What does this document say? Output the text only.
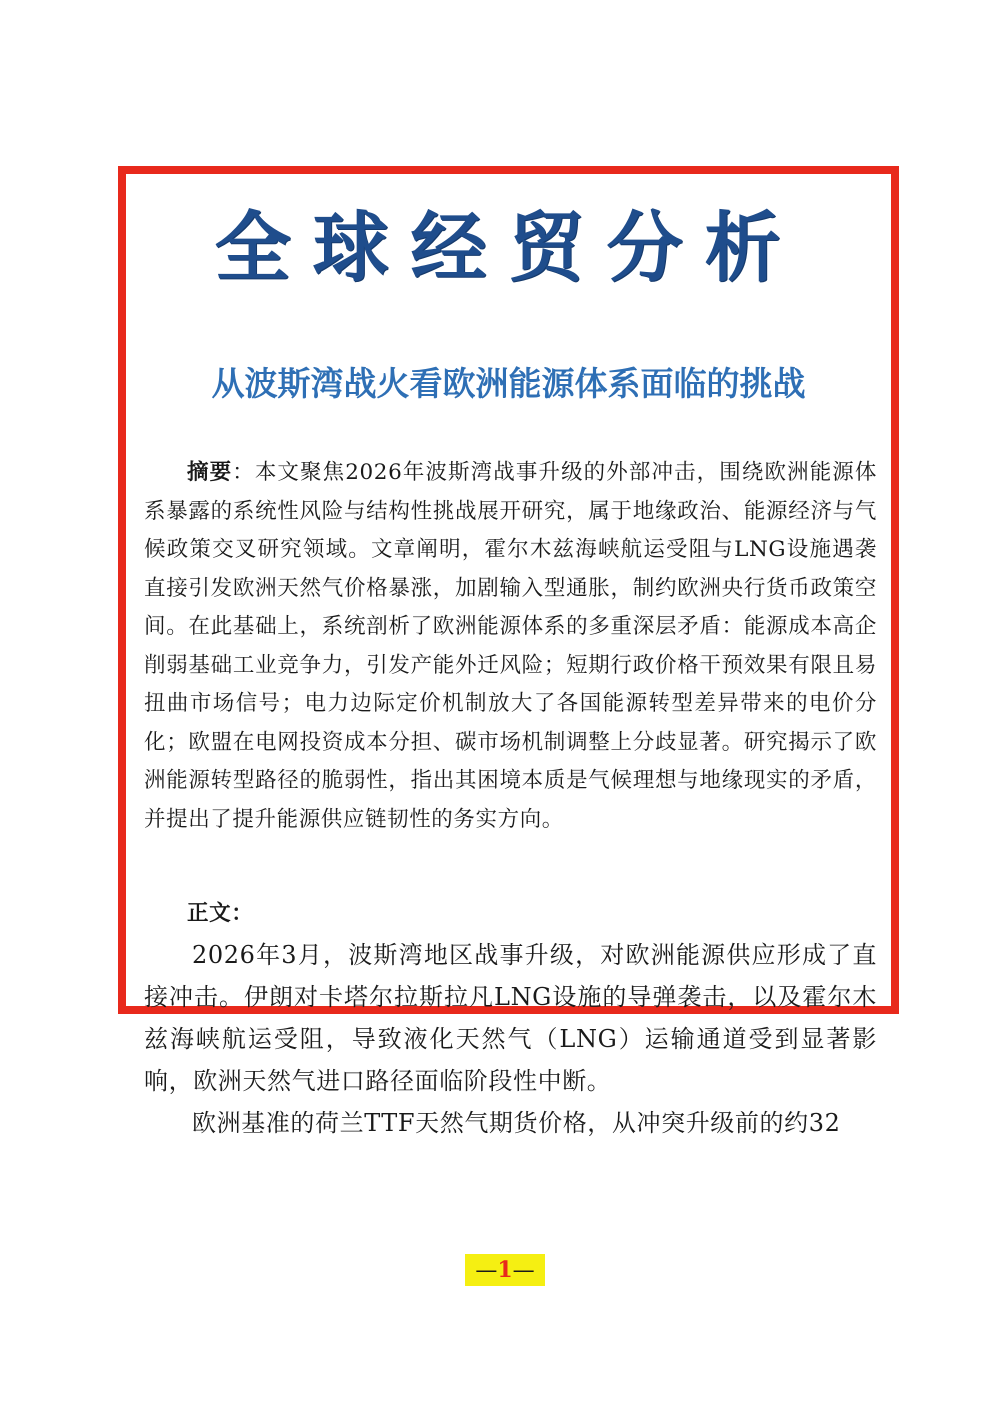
全球经贸分析
从波斯湾战火看欧洲能源体系面临的挑战

摘要：本文聚焦2026年波斯湾战事升级的外部冲击，围绕欧洲能源体系暴露的系统性风险与结构性挑战展开研究，属于地缘政治、能源经济与气候政策交叉研究领域。文章阐明，霍尔木兹海峡航运受阻与LNG设施遇袭直接引发欧洲天然气价格暴涨，加剧输入型通胀，制约欧洲央行货币政策空间。在此基础上，系统剖析了欧洲能源体系的多重深层矛盾：能源成本高企削弱基础工业竞争力，引发产能外迁风险；短期行政价格干预效果有限且易扭曲市场信号；电力边际定价机制放大了各国能源转型差异带来的电价分化；欧盟在电网投资成本分担、碳市场机制调整上分歧显著。研究揭示了欧洲能源转型路径的脆弱性，指出其困境本质是气候理想与地缘现实的矛盾，并提出了提升能源供应链韧性的务实方向。

正文：

2026年3月，波斯湾地区战事升级，对欧洲能源供应形成了直接冲击。伊朗对卡塔尔拉斯拉凡LNG设施的导弹袭击，以及霍尔木兹海峡航运受阻，导致液化天然气（LNG）运输通道受到显著影响，欧洲天然气进口路径面临阶段性中断。

欧洲基准的荷兰TTF天然气期货价格，从冲突升级前的约32

—1—
